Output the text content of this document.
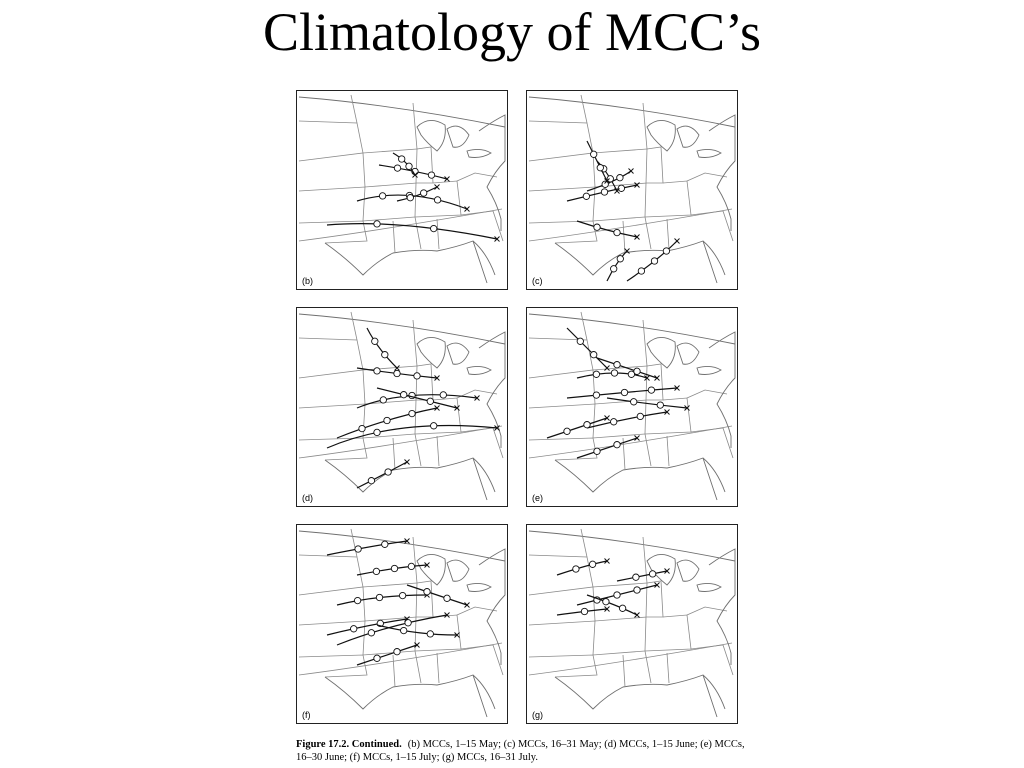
Climatology of MCC’s
(b)	(c)
(d)	(e)
(f)	(g)
Figure 17.2. Continued. (b) MCCs, 1–15 May; (c) MCCs, 16–31 May; (d) MCCs, 1–15 June; (e) MCCs, 16–30 June; (f) MCCs, 1–15 July; (g) MCCs, 16–31 July.
